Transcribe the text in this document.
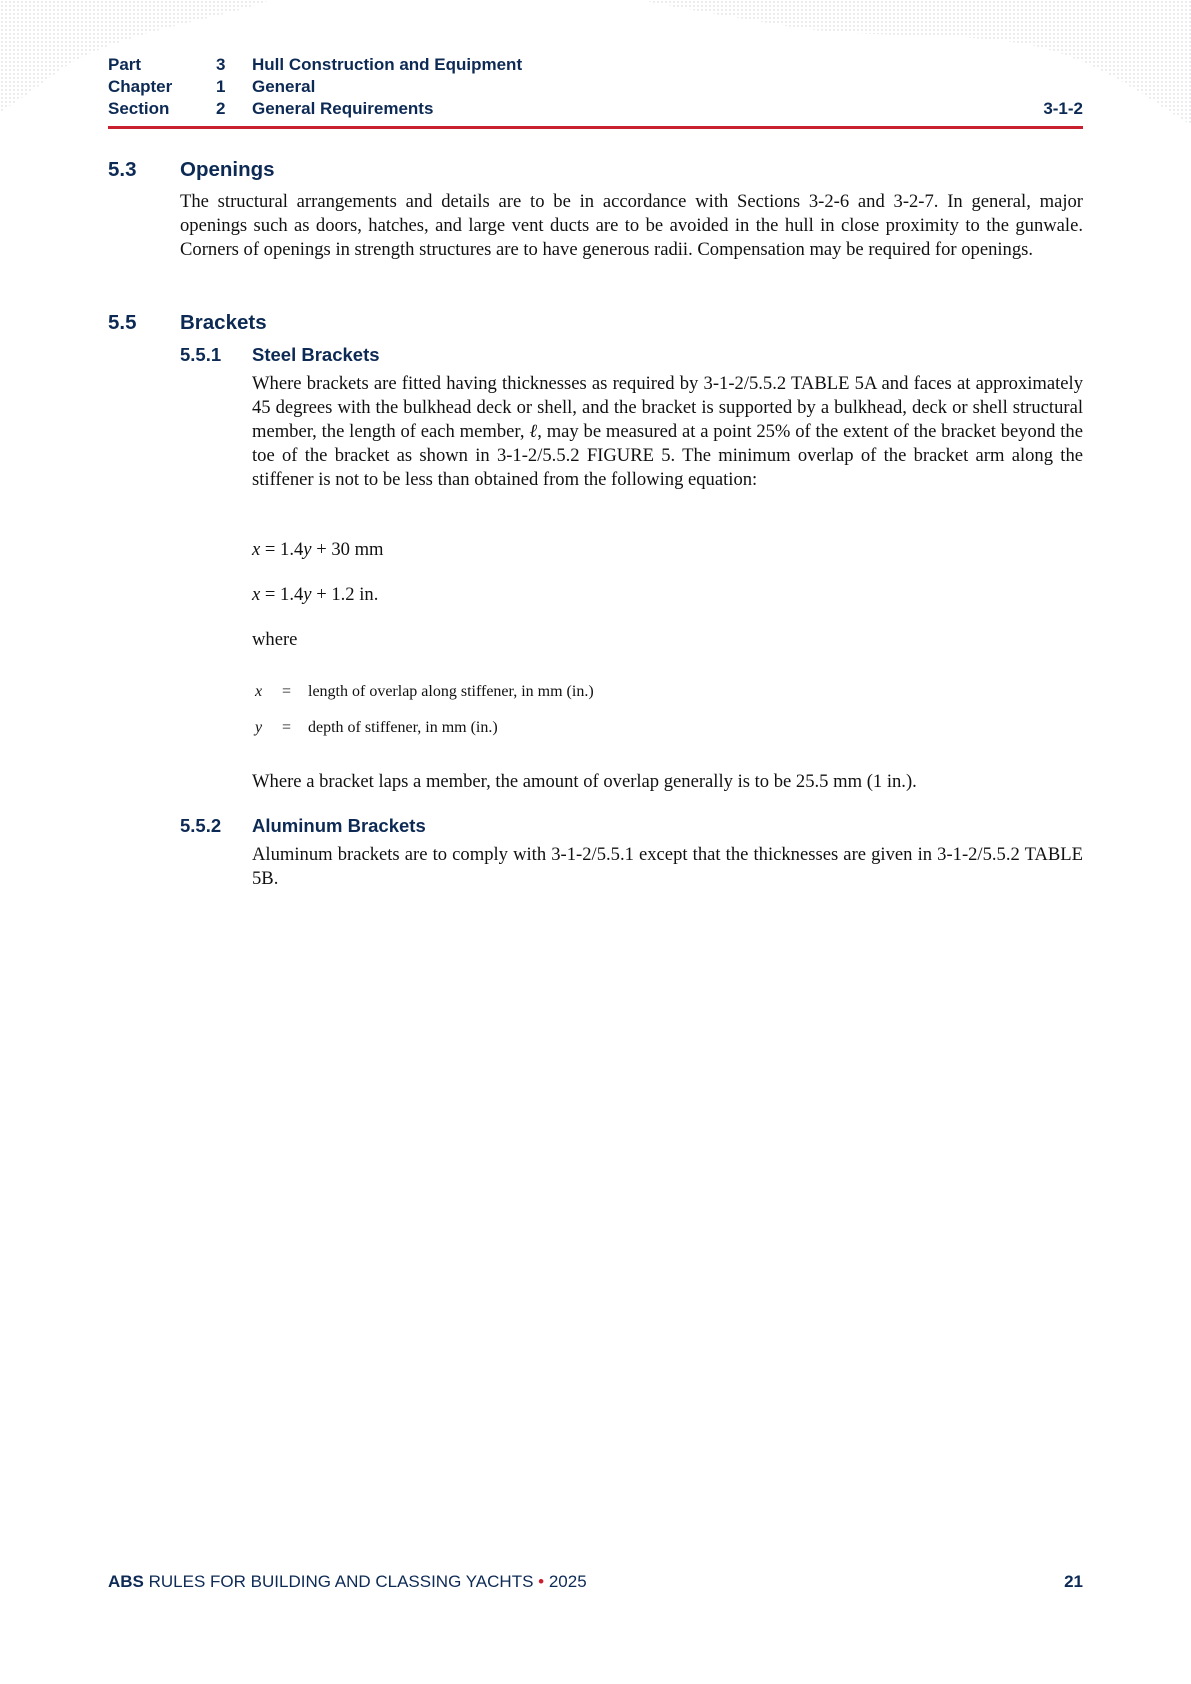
Part	3 Hull Construction and Equipment
Chapter	1 General
Section	2 General Requirements	3-1-2
5.3 Openings

The structural arrangements and details are to be in accordance with Sections 3-2-6 and 3-2-7. In general, major openings such as doors, hatches, and large vent ducts are to be avoided in the hull in close proximity to the gunwale. Corners of openings in strength structures are to have generous radii. Compensation may be required for openings.

5.5 Brackets
5.5.1 Steel Brackets

Where brackets are fitted having thicknesses as required by 3-1-2/5.5.2 TABLE 5A and faces at approximately 45 degrees with the bulkhead deck or shell, and the bracket is supported by a bulkhead, deck or shell structural member, the length of each member, ℓ, may be measured at a point 25% of the extent of the bracket beyond the toe of the bracket as shown in 3-1-2/5.5.2 FIGURE 5. The minimum overlap of the bracket arm along the stiffener is not to be less than obtained from the following equation:

x = 1.4y + 30 mm
x = 1.4y + 1.2 in.
where
x = length of overlap along stiffener, in mm (in.)
y = depth of stiffener, in mm (in.)

Where a bracket laps a member, the amount of overlap generally is to be 25.5 mm (1 in.).

5.5.2 Aluminum Brackets

Aluminum brackets are to comply with 3-1-2/5.5.1 except that the thicknesses are given in 3-1-2/5.5.2 TABLE 5B.

ABS RULES FOR BUILDING AND CLASSING YACHTS • 2025	21
